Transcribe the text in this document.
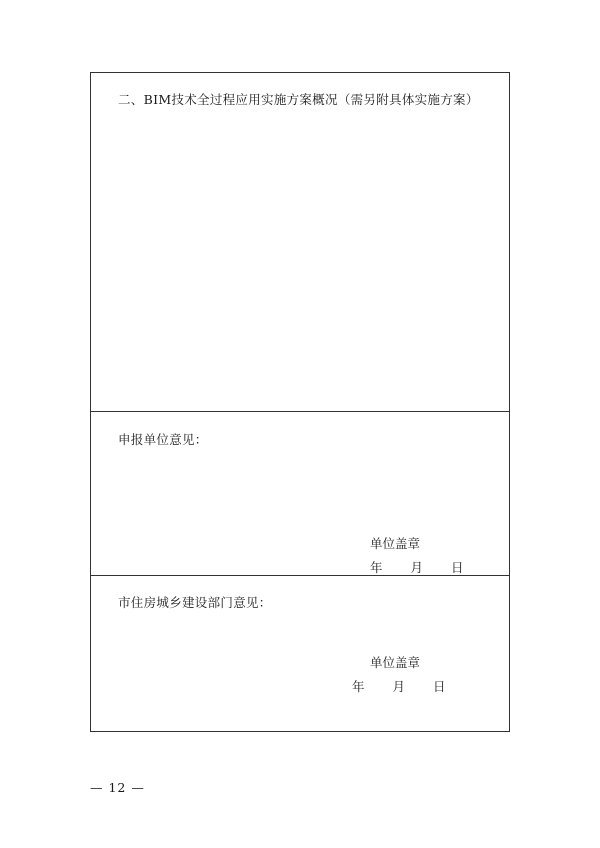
二、BIM技术全过程应用实施方案概况（需另附具体实施方案）
申报单位意见：
单位盖章
年 月 日
市住房城乡建设部门意见：
单位盖章
年 月 日
— 12 —
